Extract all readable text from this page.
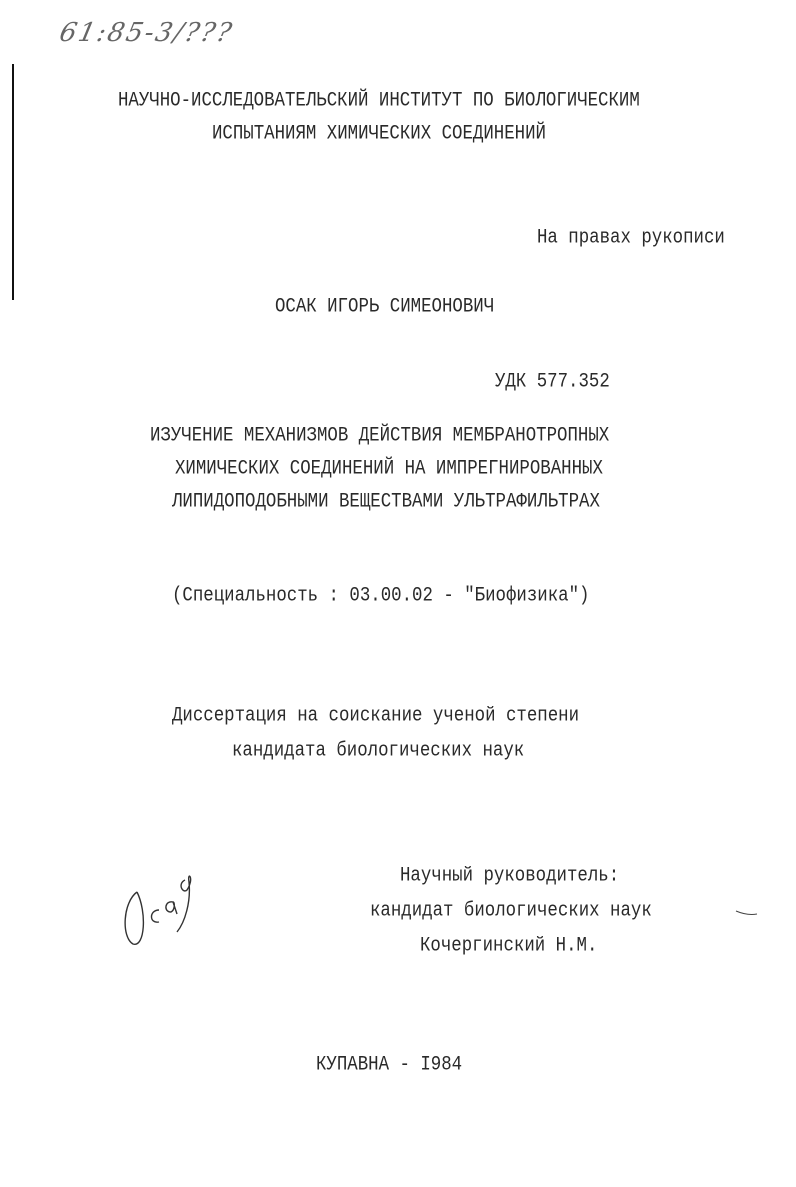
61:85-3/???
НАУЧНО-ИССЛЕДОВАТЕЛЬСКИЙ ИНСТИТУТ ПО БИОЛОГИЧЕСКИМ
ИСПЫТАНИЯМ ХИМИЧЕСКИХ СОЕДИНЕНИЙ
На правах рукописи
ОСАК ИГОРЬ СИМЕОНОВИЧ
УДК 577.352
ИЗУЧЕНИЕ МЕХАНИЗМОВ ДЕЙСТВИЯ МЕМБРАНОТРОПНЫХ
ХИМИЧЕСКИХ СОЕДИНЕНИЙ НА ИМПРЕГНИРОВАННЫХ
ЛИПИДОПОДОБНЫМИ ВЕЩЕСТВАМИ УЛЬТРАФИЛЬТРАХ
(Специальность : 03.00.02 - "Биофизика")
Диссертация на соискание ученой степени
кандидата биологических наук
Научный руководитель:
кандидат биологических наук
Кочергинский Н.М.
КУПАВНА - I984
